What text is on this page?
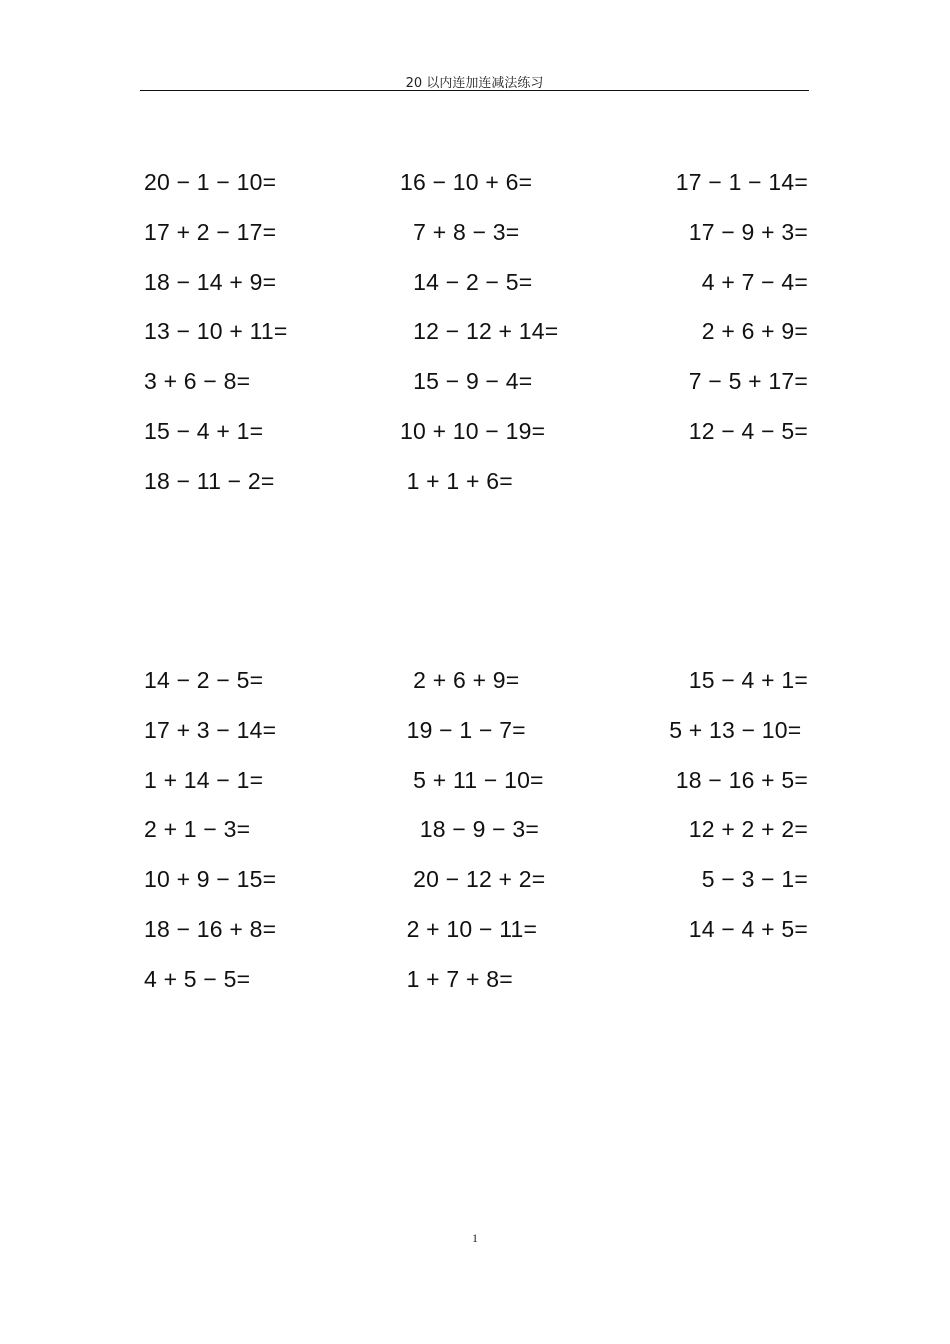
20 以内连加连减法练习
20 − 1 − 10=	16 − 10 + 6=	17 − 1 − 14=
17 + 2 − 17=	7 + 8 − 3=	17 − 9 + 3=
18 − 14 + 9=	14 − 2 − 5=	4 + 7 − 4=
13 − 10 + 11=	12 − 12 + 14=	2 + 6 + 9=
3 + 6 − 8=	15 − 9 − 4=	7 − 5 + 17=
15 − 4 + 1=	10 + 10 − 19=	12 − 4 − 5=
18 − 11 − 2=	1 + 1 + 6=
14 − 2 − 5=	2 + 6 + 9=	15 − 4 + 1=
17 + 3 − 14=	19 − 1 − 7=	5 + 13 − 10=
1 + 14 − 1=	5 + 11 − 10=	18 − 16 + 5=
2 + 1 − 3=	18 − 9 − 3=	12 + 2 + 2=
10 + 9 − 15=	20 − 12 + 2=	5 − 3 − 1=
18 − 16 + 8=	2 + 10 − 11=	14 − 4 + 5=
4 + 5 − 5=	1 + 7 + 8=
1
